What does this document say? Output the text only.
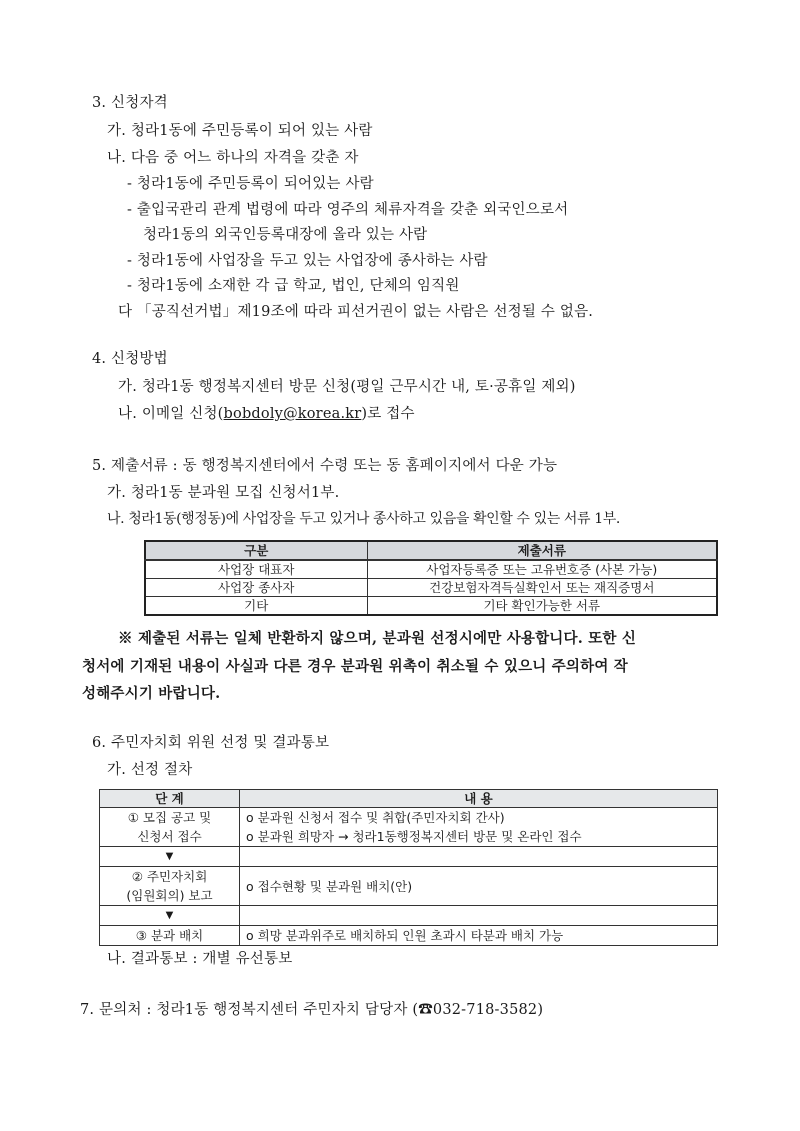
3. 신청자격
가. 청라1동에 주민등록이 되어 있는 사람
나. 다음 중 어느 하나의 자격을 갖춘 자
- 청라1동에 주민등록이 되어있는 사람
- 출입국관리 관계 법령에 따라 영주의 체류자격을 갖춘 외국인으로서
청라1동의 외국인등록대장에 올라 있는 사람
- 청라1동에 사업장을 두고 있는 사업장에 종사하는 사람
- 청라1동에 소재한 각 급 학교, 법인, 단체의 임직원
다 「공직선거법」제19조에 따라 피선거권이 없는 사람은 선정될 수 없음.
4. 신청방법
가. 청라1동 행정복지센터 방문 신청(평일 근무시간 내, 토·공휴일 제외)
나. 이메일 신청(bobdoly@korea.kr)로 접수
5. 제출서류 : 동 행정복지센터에서 수령 또는 동 홈페이지에서 다운 가능
가. 청라1동 분과원 모집 신청서1부.
나. 청라1동(행정동)에 사업장을 두고 있거나 종사하고 있음을 확인할 수 있는 서류 1부.
구분	제출서류
사업장 대표자	사업자등록증 또는 고유번호증 (사본 가능)
사업장 종사자	건강보험자격득실확인서 또는 재직증명서
기타	기타 확인가능한 서류
※ 제출된 서류는 일체 반환하지 않으며, 분과원 선정시에만 사용합니다. 또한 신
청서에 기재된 내용이 사실과 다른 경우 분과원 위촉이 취소될 수 있으니 주의하여 작
성해주시기 바랍니다.
6. 주민자치회 위원 선정 및 결과통보
가. 선정 절차
단 계	내 용
① 모집 공고 및	o 분과원 신청서 접수 및 취합(주민자치회 간사)
신청서 접수	o 분과원 희망자 → 청라1동행정복지센터 방문 및 온라인 접수
▼	
② 주민자치회	o 접수현황 및 분과원 배치(안)
(임원회의) 보고	
▼	
③ 분과 배치	o 희망 분과위주로 배치하되 인원 초과시 타분과 배치 가능
나. 결과통보 : 개별 유선통보
7. 문의처 : 청라1동 행정복지센터 주민자치 담당자 (☎032-718-3582)
